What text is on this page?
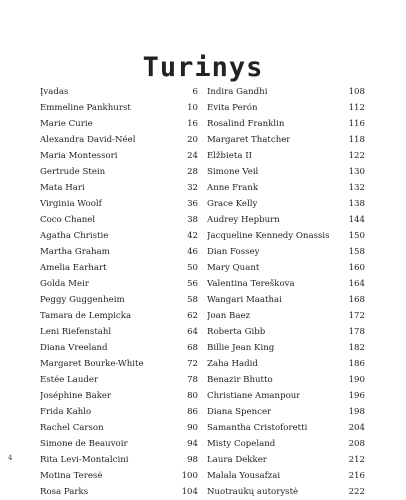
Turinys
Įvadas	6
Emmeline Pankhurst	10
Marie Curie	16
Alexandra David-Néel	20
Maria Montessori	24
Gertrude Stein	28
Mata Hari	32
Virginia Woolf	36
Coco Chanel	38
Agatha Christie	42
Martha Graham	46
Amelia Earhart	50
Golda Meir	56
Peggy Guggenheim	58
Tamara de Lempicka	62
Leni Riefenstahl	64
Diana Vreeland	68
Margaret Bourke-White	72
Estée Lauder	78
Joséphine Baker	80
Frida Kahlo	86
Rachel Carson	90
Simone de Beauvoir	94
Rita Levi-Montalcini	98
Motina Teresė	100
Rosa Parks	104
Indira Gandhi	108
Evita Perón	112
Rosalind Franklin	116
Margaret Thatcher	118
Elžbieta II	122
Simone Veil	130
Anne Frank	132
Grace Kelly	138
Audrey Hepburn	144
Jacqueline Kennedy Onassis	150
Dian Fossey	158
Mary Quant	160
Valentina Tereškova	164
Wangari Maathai	168
Joan Baez	172
Roberta Gibb	178
Billie Jean King	182
Zaha Hadid	186
Benazir Bhutto	190
Christiane Amanpour	196
Diana Spencer	198
Samantha Cristoforetti	204
Misty Copeland	208
Laura Dekker	212
Malala Yousafzai	216
Nuotraukų autorystė	222
4
